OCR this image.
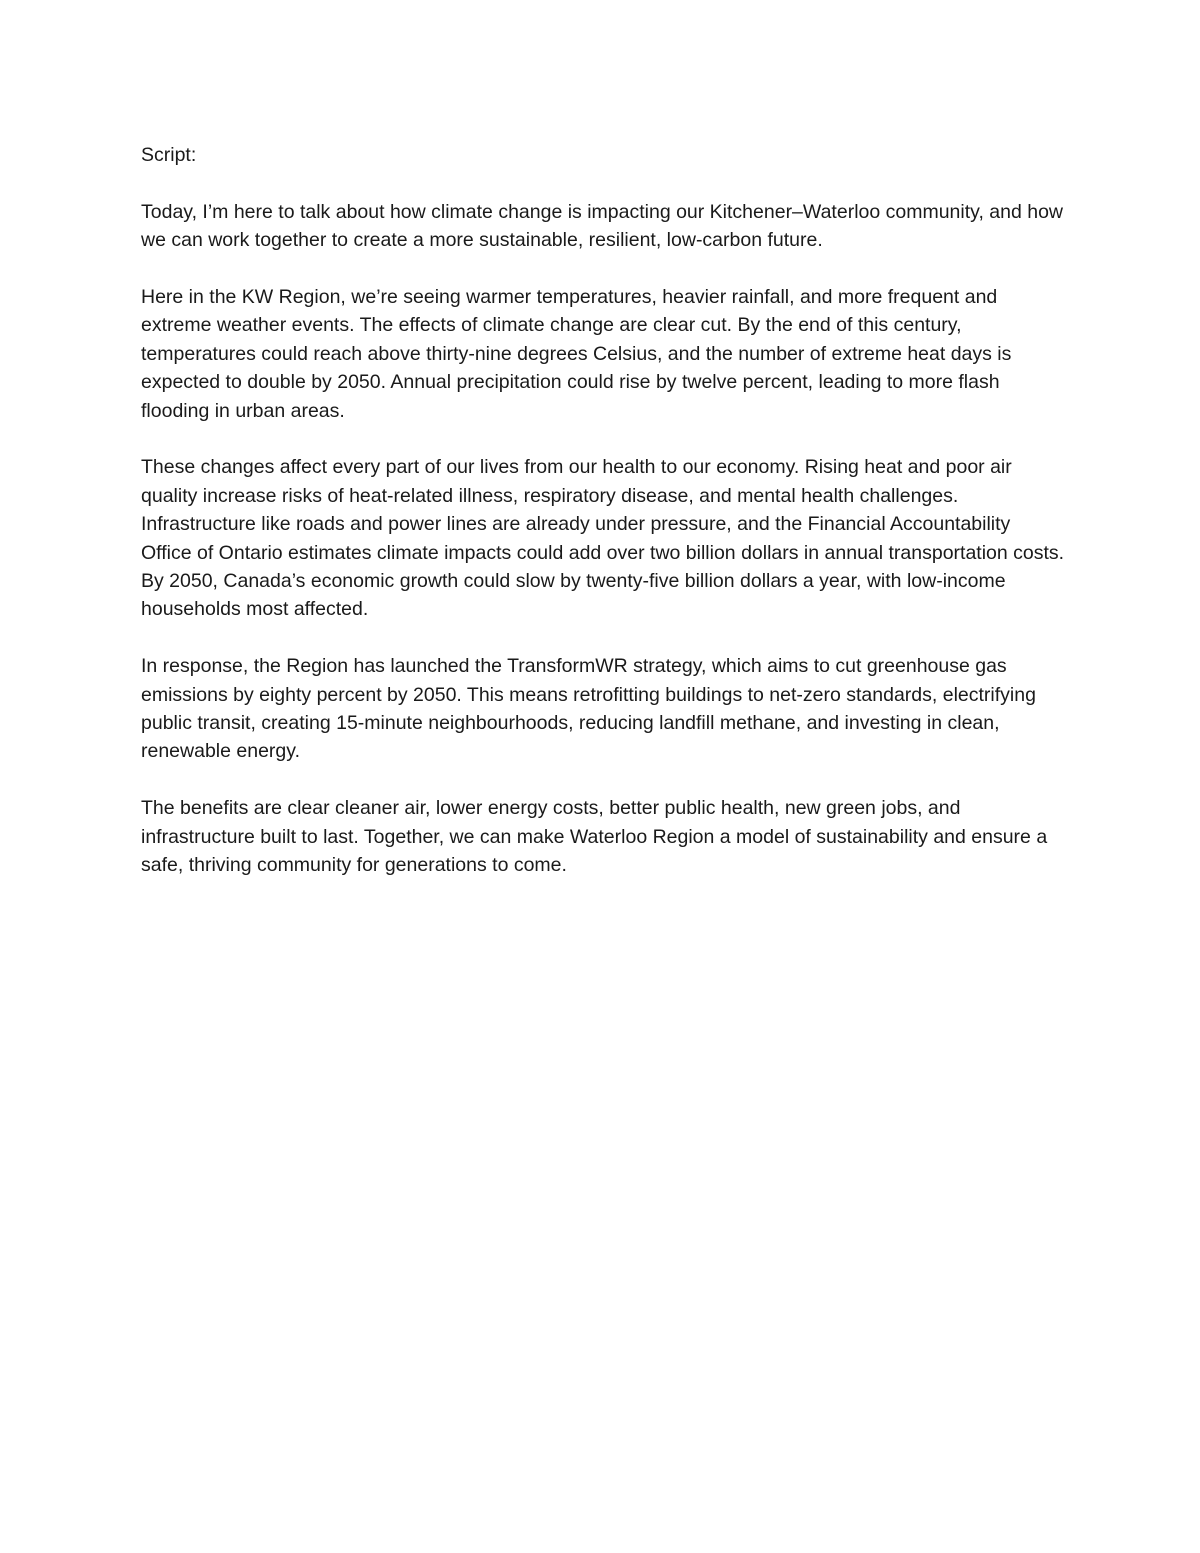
Script:

Today, I’m here to talk about how climate change is impacting our Kitchener–Waterloo community, and how we can work together to create a more sustainable, resilient, low-carbon future.

Here in the KW Region, we’re seeing warmer temperatures, heavier rainfall, and more frequent and extreme weather events. The effects of climate change are clear cut. By the end of this century, temperatures could reach above thirty-nine degrees Celsius, and the number of extreme heat days is expected to double by 2050. Annual precipitation could rise by twelve percent, leading to more flash flooding in urban areas.

These changes affect every part of our lives from our health to our economy. Rising heat and poor air quality increase risks of heat-related illness, respiratory disease, and mental health challenges. Infrastructure like roads and power lines are already under pressure, and the Financial Accountability Office of Ontario estimates climate impacts could add over two billion dollars in annual transportation costs. By 2050, Canada’s economic growth could slow by twenty-five billion dollars a year, with low-income households most affected.

In response, the Region has launched the TransformWR strategy, which aims to cut greenhouse gas emissions by eighty percent by 2050. This means retrofitting buildings to net-zero standards, electrifying public transit, creating 15-minute neighbourhoods, reducing landfill methane, and investing in clean, renewable energy.

The benefits are clear cleaner air, lower energy costs, better public health, new green jobs, and infrastructure built to last. Together, we can make Waterloo Region a model of sustainability and ensure a safe, thriving community for generations to come.
